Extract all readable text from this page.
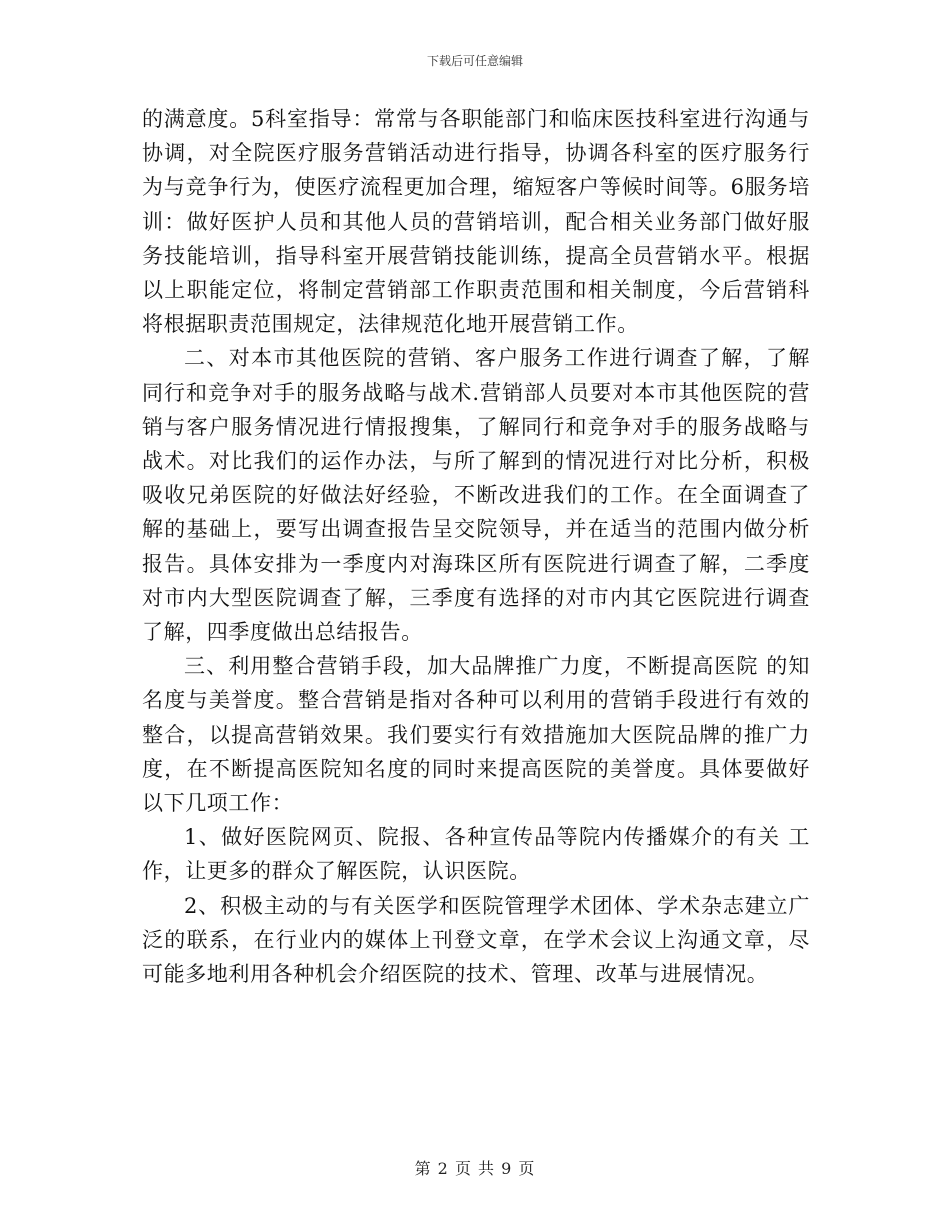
下载后可任意编辑

的满意度。5科室指导：常常与各职能部门和临床医技科室进行沟通与协调，对全院医疗服务营销活动进行指导，协调各科室的医疗服务行为与竞争行为，使医疗流程更加合理，缩短客户等候时间等。6服务培训：做好医护人员和其他人员的营销培训，配合相关业务部门做好服务技能培训，指导科室开展营销技能训练，提高全员营销水平。根据以上职能定位，将制定营销部工作职责范围和相关制度，今后营销科将根据职责范围规定，法律规范化地开展营销工作。

二、对本市其他医院的营销、客户服务工作进行调查了解，了解同行和竞争对手的服务战略与战术.营销部人员要对本市其他医院的营销与客户服务情况进行情报搜集，了解同行和竞争对手的服务战略与战术。对比我们的运作办法，与所了解到的情况进行对比分析，积极吸收兄弟医院的好做法好经验，不断改进我们的工作。在全面调查了解的基础上，要写出调查报告呈交院领导，并在适当的范围内做分析报告。具体安排为一季度内对海珠区所有医院进行调查了解，二季度对市内大型医院调查了解，三季度有选择的对市内其它医院进行调查了解，四季度做出总结报告。

三、利用整合营销手段，加大品牌推广力度，不断提高医院 的知名度与美誉度。整合营销是指对各种可以利用的营销手段进行有效的整合，以提高营销效果。我们要实行有效措施加大医院品牌的推广力度，在不断提高医院知名度的同时来提高医院的美誉度。具体要做好以下几项工作：

1、做好医院网页、院报、各种宣传品等院内传播媒介的有关 工作，让更多的群众了解医院，认识医院。

2、积极主动的与有关医学和医院管理学术团体、学术杂志建立广泛的联系，在行业内的媒体上刊登文章，在学术会议上沟通文章，尽可能多地利用各种机会介绍医院的技术、管理、改革与进展情况。

第 2 页 共 9 页
